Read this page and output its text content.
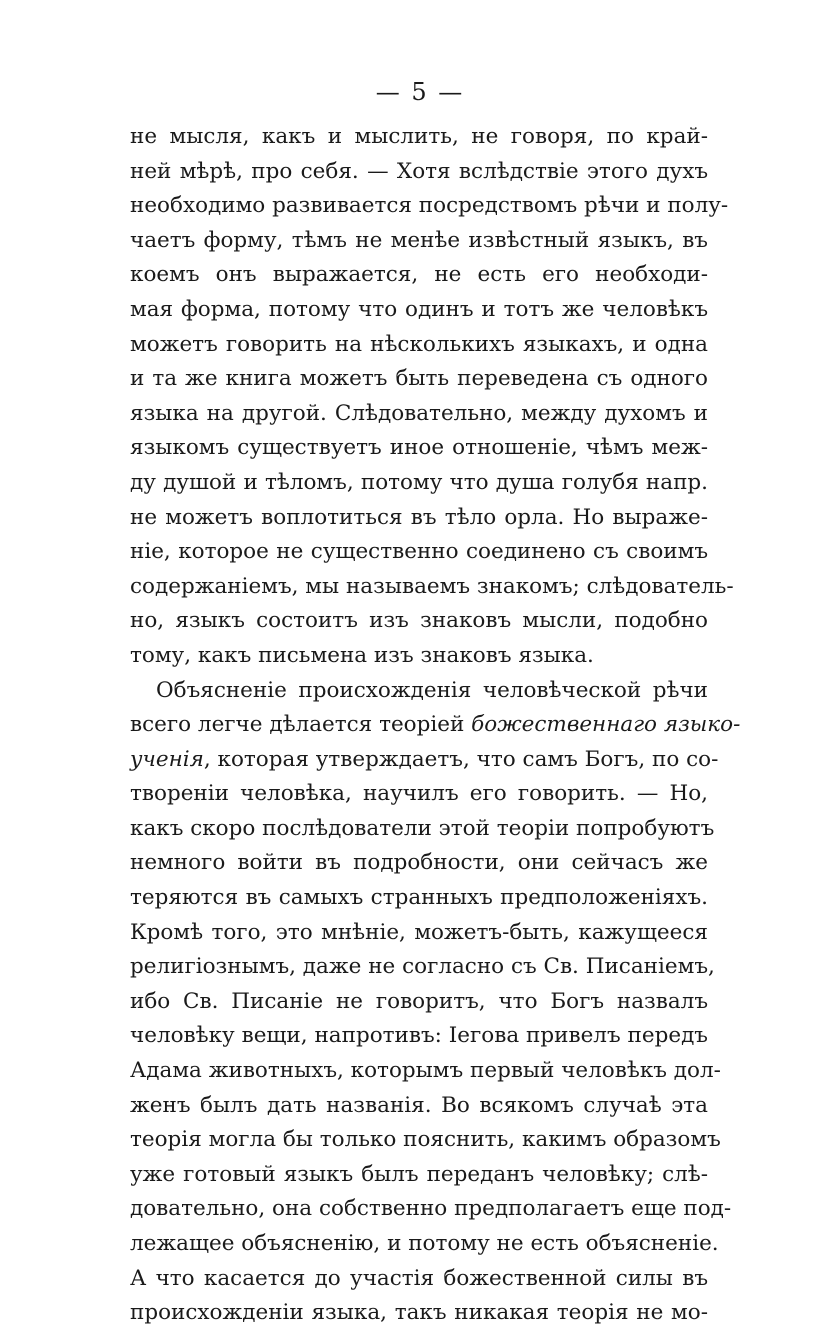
— 5 —
не мысля, какъ и мыслить, не говоря, по край-
ней мѣрѣ, про себя. — Хотя вслѣдствіе этого духъ
необходимо развивается посредствомъ рѣчи и полу-
чаетъ форму, тѣмъ не менѣе извѣстный языкъ, въ
коемъ онъ выражается, не есть его необходи-
мая форма, потому что одинъ и тотъ же человѣкъ
можетъ говорить на нѣсколькихъ языкахъ, и одна
и та же книга можетъ быть переведена съ одного
языка на другой. Слѣдовательно, между духомъ и
языкомъ существуетъ иное отношеніе, чѣмъ меж-
ду душой и тѣломъ, потому что душа голубя напр.
не можетъ воплотиться въ тѣло орла. Но выраже-
ніе, которое не существенно соединено съ своимъ
содержаніемъ, мы называемъ знакомъ; слѣдователь-
но, языкъ состоитъ изъ знаковъ мысли, подобно
тому, какъ письмена изъ знаковъ языка.
Объясненіе происхожденія человѣческой рѣчи
всего легче дѣлается теоріей божественнаго языко-
ученія, которая утверждаетъ, что самъ Богъ, по со-
твореніи человѣка, научилъ его говорить. — Но,
какъ скоро послѣдователи этой теоріи попробуютъ
немного войти въ подробности, они сейчасъ же
теряются въ самыхъ странныхъ предположеніяхъ.
Кромѣ того, это мнѣніе, можетъ-быть, кажущееся
религіознымъ, даже не согласно съ Св. Писаніемъ,
ибо Св. Писаніе не говоритъ, что Богъ назвалъ
человѣку вещи, напротивъ: Іегова привелъ передъ
Адама животныхъ, которымъ первый человѣкъ дол-
женъ былъ дать названія. Во всякомъ случаѣ эта
теорія могла бы только пояснить, какимъ образомъ
уже готовый языкъ былъ переданъ человѣку; слѣ-
довательно, она собственно предполагаетъ еще под-
лежащее объясненію, и потому не есть объясненіе.
А что касается до участія божественной силы въ
происхожденіи языка, такъ никакая теорія не мо-
